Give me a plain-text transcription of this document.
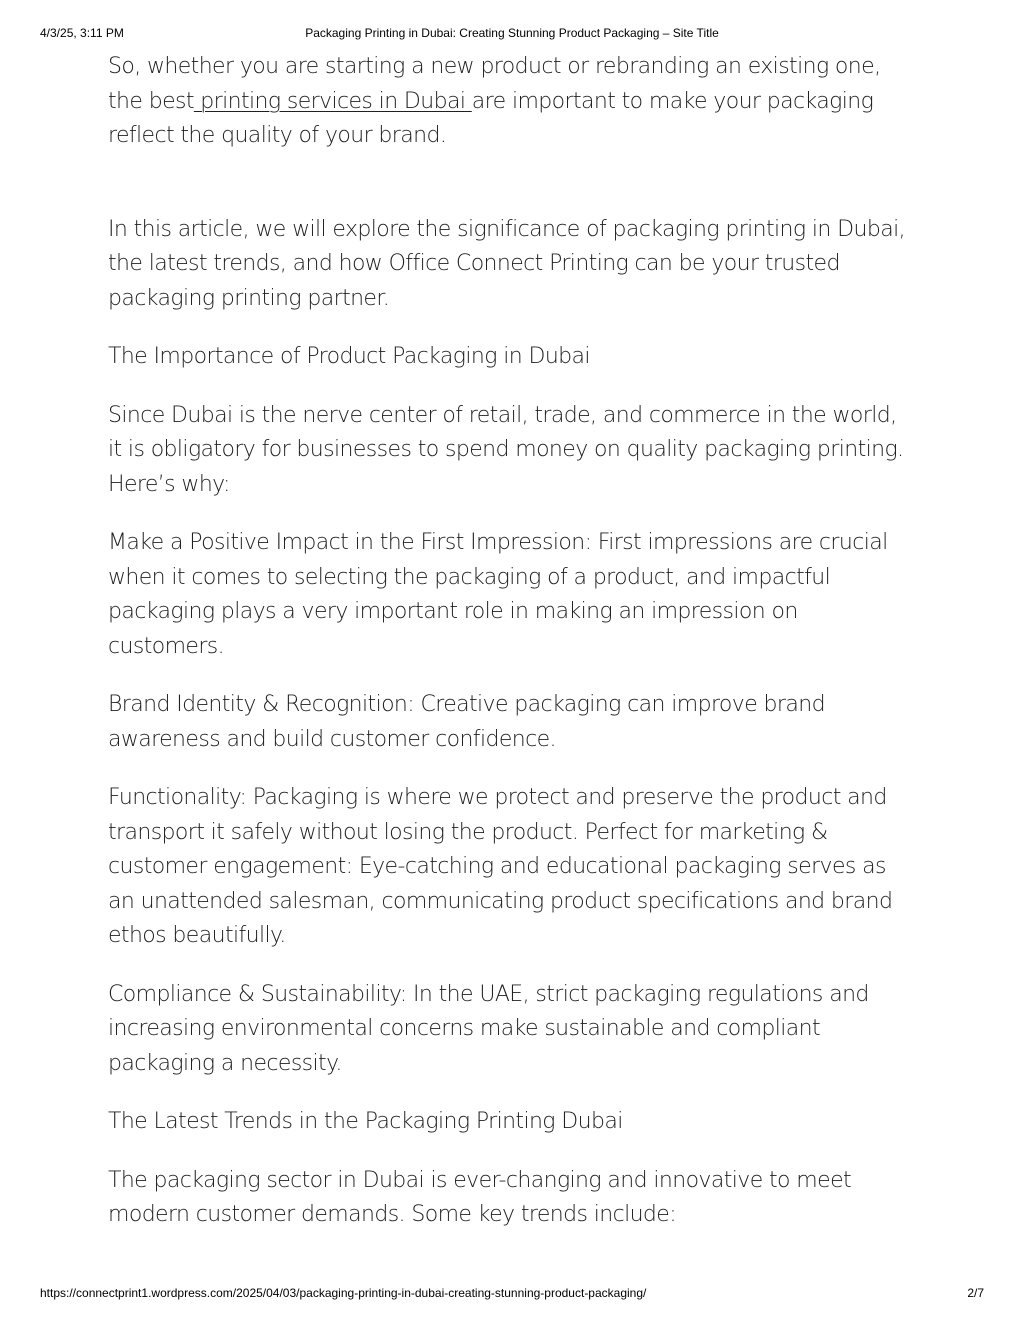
4/3/25, 3:11 PM	Packaging Printing in Dubai: Creating Stunning Product Packaging – Site Title

So, whether you are starting a new product or rebranding an existing one, the best printing services in Dubai are important to make your packaging reflect the quality of your brand.

In this article, we will explore the significance of packaging printing in Dubai, the latest trends, and how Office Connect Printing can be your trusted packaging printing partner.

The Importance of Product Packaging in Dubai

Since Dubai is the nerve center of retail, trade, and commerce in the world, it is obligatory for businesses to spend money on quality packaging printing. Here’s why:

Make a Positive Impact in the First Impression: First impressions are crucial when it comes to selecting the packaging of a product, and impactful packaging plays a very important role in making an impression on customers.

Brand Identity & Recognition: Creative packaging can improve brand awareness and build customer confidence.

Functionality: Packaging is where we protect and preserve the product and transport it safely without losing the product. Perfect for marketing & customer engagement: Eye-catching and educational packaging serves as an unattended salesman, communicating product specifications and brand ethos beautifully.

Compliance & Sustainability: In the UAE, strict packaging regulations and increasing environmental concerns make sustainable and compliant packaging a necessity.

The Latest Trends in the Packaging Printing Dubai

The packaging sector in Dubai is ever-changing and innovative to meet modern customer demands. Some key trends include:

https://connectprint1.wordpress.com/2025/04/03/packaging-printing-in-dubai-creating-stunning-product-packaging/	2/7
